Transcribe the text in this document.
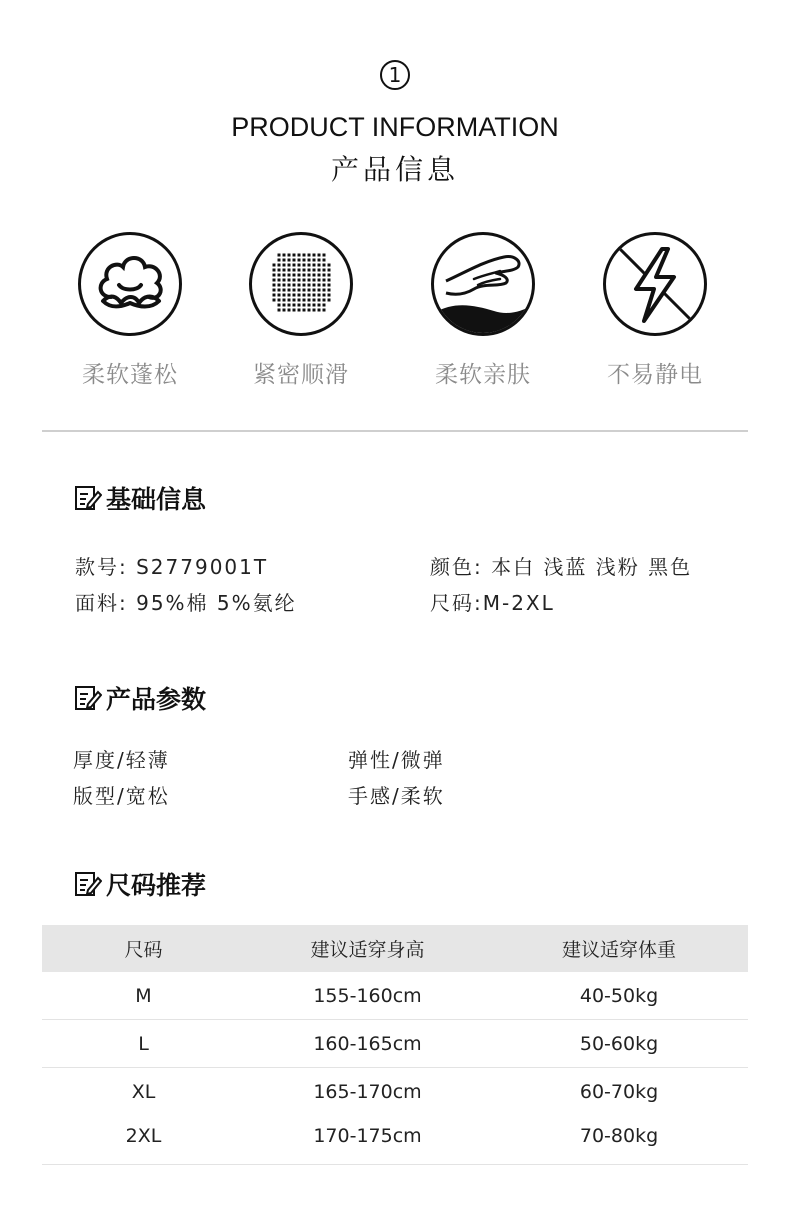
1
PRODUCT INFORMATION
产品信息
柔软蓬松	紧密顺滑	柔软亲肤	不易静电
基础信息
款号: S2779001T	颜色: 本白 浅蓝 浅粉 黑色
面料: 95%棉 5%氨纶	尺码:M-2XL
产品参数
厚度/轻薄	弹性/微弹
版型/宽松	手感/柔软
尺码推荐
尺码	建议适穿身高	建议适穿体重
M	155-160cm	40-50kg
L	160-165cm	50-60kg
XL	165-170cm	60-70kg
2XL	170-175cm	70-80kg
